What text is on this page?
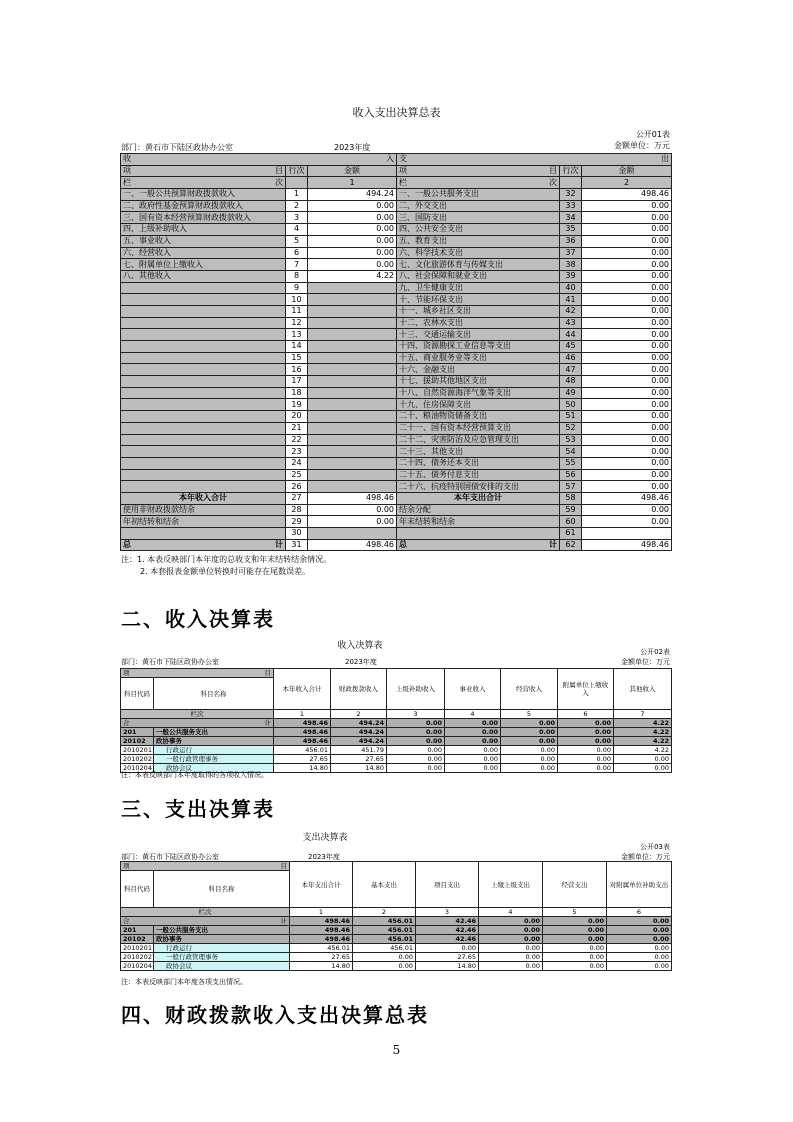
收入支出决算总表
公开01表
金额单位：万元
部门：黄石市下陆区政协办公室	2023年度
收 入			支 出		

项 目	行次	金额	项 目	行次	金额
栏 次		1	栏 次		2
一、一般公共预算财政拨款收入	1	494.24	一、一般公共服务支出	32	498.46
二、政府性基金预算财政拨款收入	2	0.00	二、外交支出	33	0.00
三、国有资本经营预算财政拨款收入	3	0.00	三、国防支出	34	0.00
四、上级补助收入	4	0.00	四、公共安全支出	35	0.00
五、事业收入	5	0.00	五、教育支出	36	0.00
六、经营收入	6	0.00	六、科学技术支出	37	0.00
七、附属单位上缴收入	7	0.00	七、文化旅游体育与传媒支出	38	0.00
八、其他收入	8	4.22	八、社会保障和就业支出	39	0.00
	9		九、卫生健康支出	40	0.00
	10		十、节能环保支出	41	0.00
	11		十一、城乡社区支出	42	0.00
	12		十二、农林水支出	43	0.00
	13		十三、交通运输支出	44	0.00
	14		十四、资源勘探工业信息等支出	45	0.00
	15		十五、商业服务业等支出	46	0.00
	16		十六、金融支出	47	0.00
	17		十七、援助其他地区支出	48	0.00
	18		十八、自然资源海洋气象等支出	49	0.00
	19		十九、住房保障支出	50	0.00
	20		二十、粮油物资储备支出	51	0.00
	21		二十一、国有资本经营预算支出	52	0.00
	22		二十二、灾害防治及应急管理支出	53	0.00
	23		二十三、其他支出	54	0.00
	24		二十四、债务还本支出	55	0.00
	25		二十五、债务付息支出	56	0.00
	26		二十六、抗疫特别国债安排的支出	57	0.00
本年收入合计	27	498.46	本年支出合计	58	498.46
使用非财政拨款结余	28	0.00	结余分配	59	0.00
年初结转和结余	29	0.00	年末结转和结余	60	0.00
	30			61	
总 计	31	498.46	总 计	62	498.46
注：1. 本表反映部门本年度的总收支和年末结转结余情况。
2. 本套报表金额单位转换时可能存在尾数误差。
二、收入决算表
收入决算表
公开02表
部门：黄石市下陆区政协办公室	2023年度	金额单位：万元
项 目		本年收入合计	财政拨款收入	上级补助收入	事业收入	经营收入	附属单位上缴收入	其他收入
科目代码	科目名称							
栏次		1	2	3	4	5	6	7
合 计		498.46	494.24	0.00	0.00	0.00	0.00	4.22
201	一般公共服务支出	498.46	494.24	0.00	0.00	0.00	0.00	4.22
20102	政协事务	498.46	494.24	0.00	0.00	0.00	0.00	4.22
2010201	行政运行	456.01	451.79	0.00	0.00	0.00	0.00	4.22
2010202	一般行政管理事务	27.65	27.65	0.00	0.00	0.00	0.00	0.00
2010204	政协会议	14.80	14.80	0.00	0.00	0.00	0.00	0.00
注：本表反映部门本年度取得的各项收入情况。
三、支出决算表
支出决算表
公开03表
部门：黄石市下陆区政协办公室	2023年度	金额单位：万元
项 目		本年支出合计	基本支出	项目支出	上缴上级支出	经营支出	对附属单位补助支出
科目代码	科目名称						
栏次		1	2	3	4	5	6
合 计		498.46	456.01	42.46	0.00	0.00	0.00
201	一般公共服务支出	498.46	456.01	42.46	0.00	0.00	0.00
20102	政协事务	498.46	456.01	42.46	0.00	0.00	0.00
2010201	行政运行	456.01	456.01	0.00	0.00	0.00	0.00
2010202	一般行政管理事务	27.65	0.00	27.65	0.00	0.00	0.00
2010204	政协会议	14.80	0.00	14.80	0.00	0.00	0.00
注：本表反映部门本年度各项支出情况。
四、财政拨款收入支出决算总表
5
